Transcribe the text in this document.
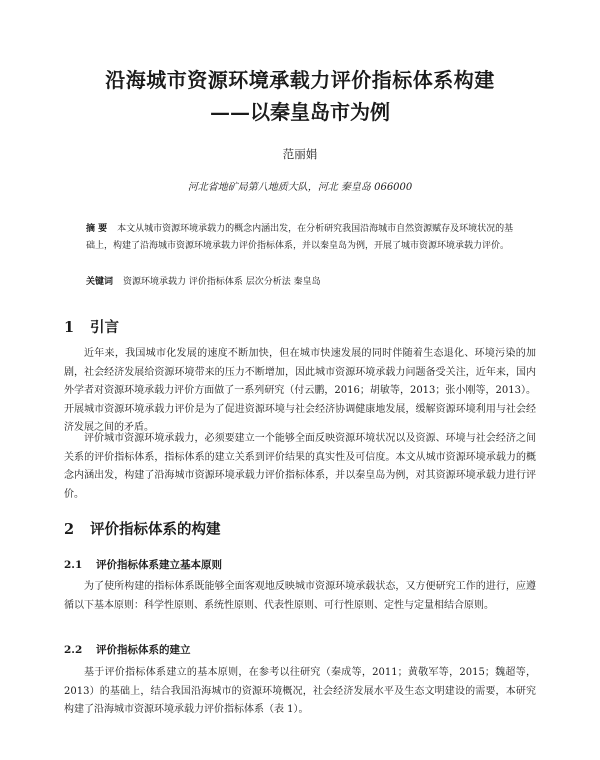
沿海城市资源环境承载力评价指标体系构建
——以秦皇岛市为例
范丽娟
河北省地矿局第八地质大队，河北 秦皇岛 066000
摘 要 本文从城市资源环境承载力的概念内涵出发，在分析研究我国沿海城市自然资源赋存及环境状况的基础上，构建了沿海城市资源环境承载力评价指标体系，并以秦皇岛为例，开展了城市资源环境承载力评价。
关键词 资源环境承载力 评价指标体系 层次分析法 秦皇岛
1 引言

近年来，我国城市化发展的速度不断加快，但在城市快速发展的同时伴随着生态退化、环境污染的加剧，社会经济发展给资源环境带来的压力不断增加，因此城市资源环境承载力问题备受关注，近年来，国内外学者对资源环境承载力评价方面做了一系列研究（付云鹏，2016；胡敏等，2013；张小刚等，2013）。开展城市资源环境承载力评价是为了促进资源环境与社会经济协调健康地发展，缓解资源环境利用与社会经济发展之间的矛盾。

评价城市资源环境承载力，必须要建立一个能够全面反映资源环境状况以及资源、环境与社会经济之间关系的评价指标体系，指标体系的建立关系到评价结果的真实性及可信度。本文从城市资源环境承载力的概念内涵出发，构建了沿海城市资源环境承载力评价指标体系，并以秦皇岛为例，对其资源环境承载力进行评价。

2 评价指标体系的构建
2.1 评价指标体系建立基本原则

为了使所构建的指标体系既能够全面客观地反映城市资源环境承载状态，又方便研究工作的进行，应遵循以下基本原则：科学性原则、系统性原则、代表性原则、可行性原则、定性与定量相结合原则。

2.2 评价指标体系的建立

基于评价指标体系建立的基本原则，在参考以往研究（秦成等，2011；黄敬军等，2015；魏超等，2013）的基础上，结合我国沿海城市的资源环境概况，社会经济发展水平及生态文明建设的需要，本研究构建了沿海城市资源环境承载力评价指标体系（表 1）。
